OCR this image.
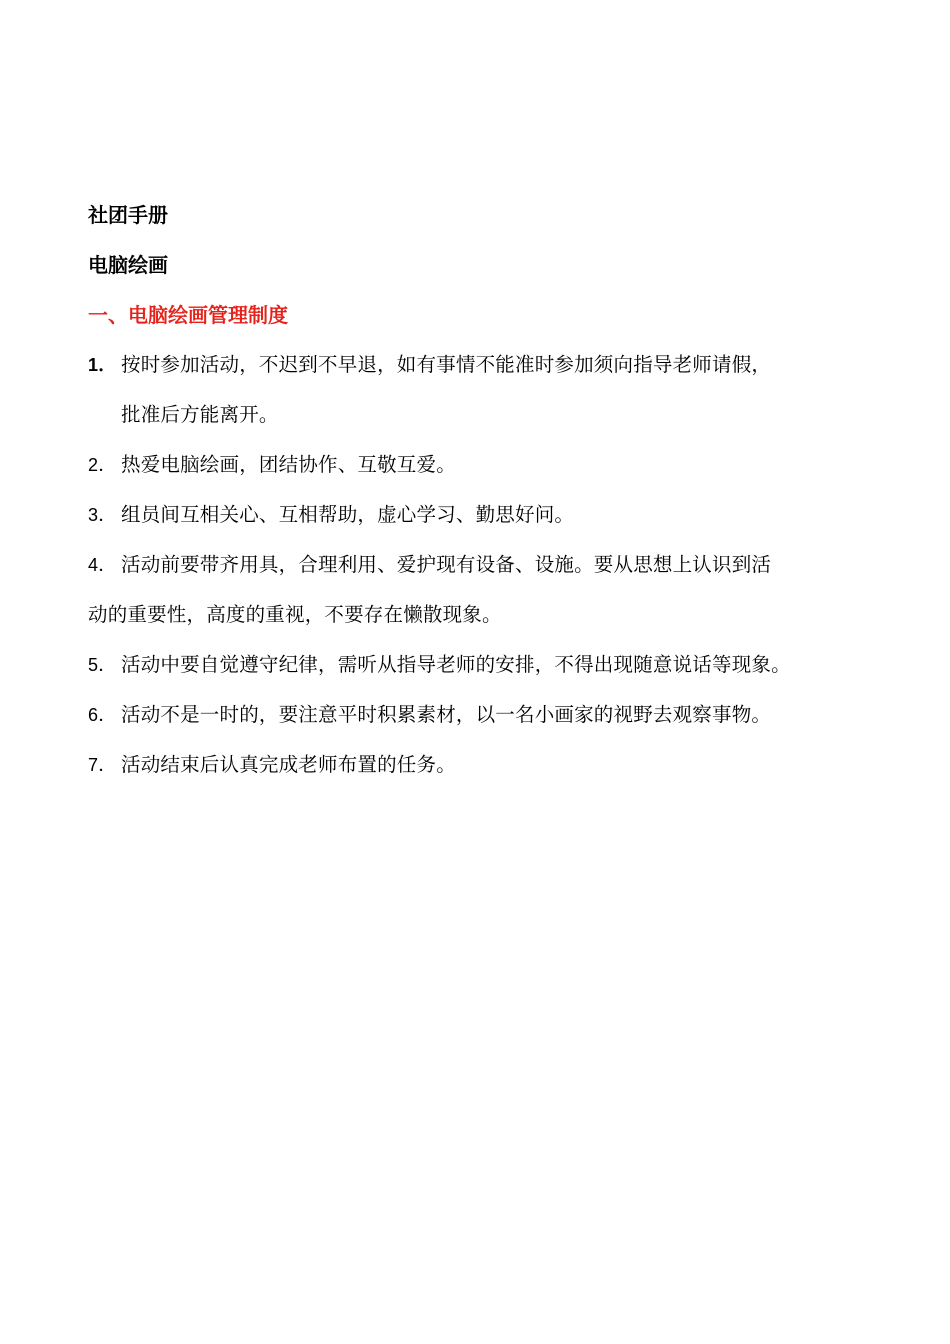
社团手册
电脑绘画
一、电脑绘画管理制度
1． 按时参加活动，不迟到不早退，如有事情不能准时参加须向指导老师请假，
批准后方能离开。
2． 热爱电脑绘画，团结协作、互敬互爱。
3． 组员间互相关心、互相帮助，虚心学习、勤思好问。
4． 活动前要带齐用具，合理利用、爱护现有设备、设施。要从思想上认识到活
动的重要性，高度的重视，不要存在懒散现象。
5． 活动中要自觉遵守纪律，需听从指导老师的安排，不得出现随意说话等现象。
6． 活动不是一时的，要注意平时积累素材，以一名小画家的视野去观察事物。
7． 活动结束后认真完成老师布置的任务。
